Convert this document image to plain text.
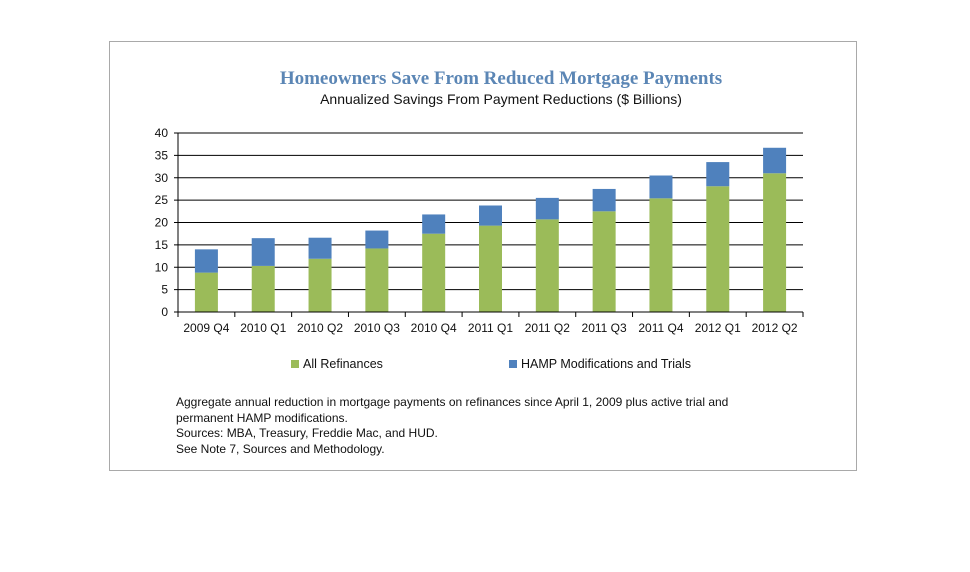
Homeowners Save From Reduced Mortgage Payments
Annualized Savings From Payment Reductions ($ Billions)
0
5
10
15
20
25
30
35
40
2009 Q4 2010 Q1 2010 Q2 2010 Q3 2010 Q4 2011 Q1 2011 Q2 2011 Q3 2011 Q4 2012 Q1 2012 Q2
All Refinances	HAMP Modifications and Trials
Aggregate annual reduction in mortgage payments on refinances since April 1, 2009 plus active trial and
permanent HAMP modifications.
Sources: MBA, Treasury, Freddie Mac, and HUD.
See Note 7, Sources and Methodology.
